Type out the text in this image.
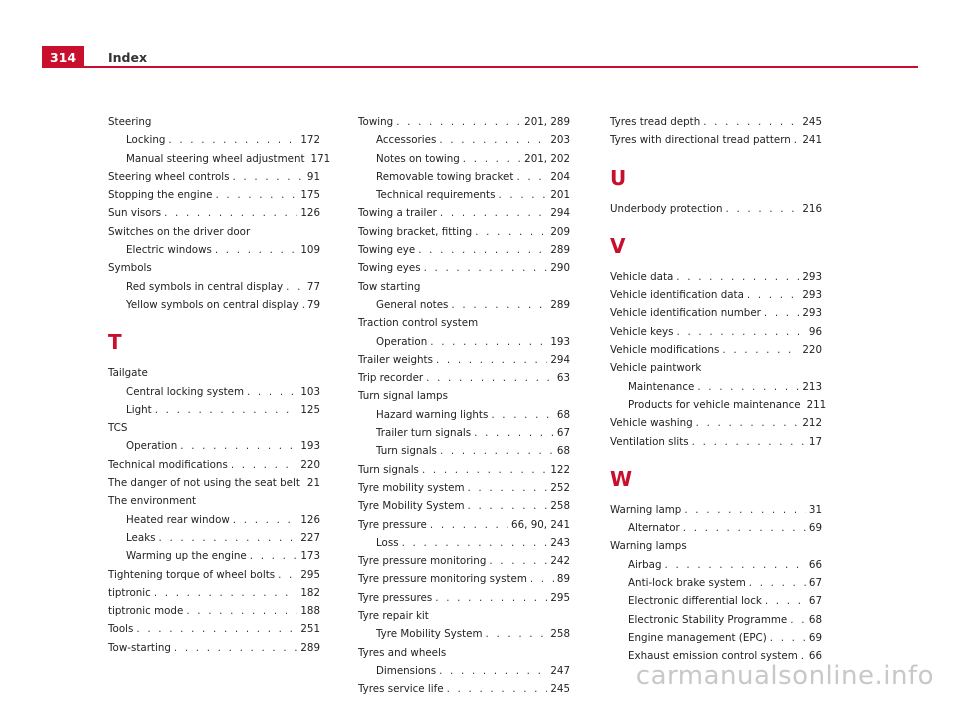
314	Index
Steering
Locking . . .	172
Manual steering wheel adjustment 171
Steering wheel controls . . .	91
Stopping the engine . . .	175
Sun visors . . .	126
Switches on the driver door
Electric windows . . .	109
Symbols
Red symbols in central display . . . 77
Yellow symbols on central display . . . 79
T
Tailgate
Central locking system . . .	103
Light . . .	125
TCS
Operation . . .	193
Technical modifications . . .	220
The danger of not using the seat belt . . . 21
The environment
Heated rear window . . .	126
Leaks . . .	227
Warming up the engine . . .	173
Tightening torque of wheel bolts . . . 295
tiptronic . . .	182
tiptronic mode . . .	188
Tools . . .	251
Tow-starting . . .	289
Towing . . .	201, 289
Accessories . . .	203
Notes on towing . . .	201, 202
Removable towing bracket . . .	204
Technical requirements . . .	201
Towing a trailer . . .	294
Towing bracket, fitting . . .	209
Towing eye . . .	289
Towing eyes . . .	290
Tow starting
General notes . . .	289
Traction control system
Operation . . .	193
Trailer weights . . .	294
Trip recorder . . .	63
Turn signal lamps
Hazard warning lights . . .	68
Trailer turn signals . . .	67
Turn signals . . .	68
Turn signals . . .	122
Tyre mobility system . . .	252
Tyre Mobility System . . .	258
Tyre pressure . . .	66, 90, 241
Loss . . .	243
Tyre pressure monitoring . . .	242
Tyre pressure monitoring system . . .	89
Tyre pressures . . .	295
Tyre repair kit
Tyre Mobility System . . .	258
Tyres and wheels
Dimensions . . .	247
Tyres service life . . .	245
Tyres tread depth . . .	245
Tyres with directional tread pattern . . . 241
U
Underbody protection . . .	216
V
Vehicle data . . .	293
Vehicle identification data . . .	293
Vehicle identification number . . .	293
Vehicle keys . . .	96
Vehicle modifications . . .	220
Vehicle paintwork
Maintenance . . .	213
Products for vehicle maintenance 211
Vehicle washing . . .	212
Ventilation slits . . .	17
W
Warning lamp . . .	31
Alternator . . .	69
Warning lamps
Airbag . . .	66
Anti-lock brake system . . .	67
Electronic differential lock . . .	67
Electronic Stability Programme . . . 68
Engine management (EPC) . . .	69
Exhaust emission control system . . . 66
carmanualsonline.info
